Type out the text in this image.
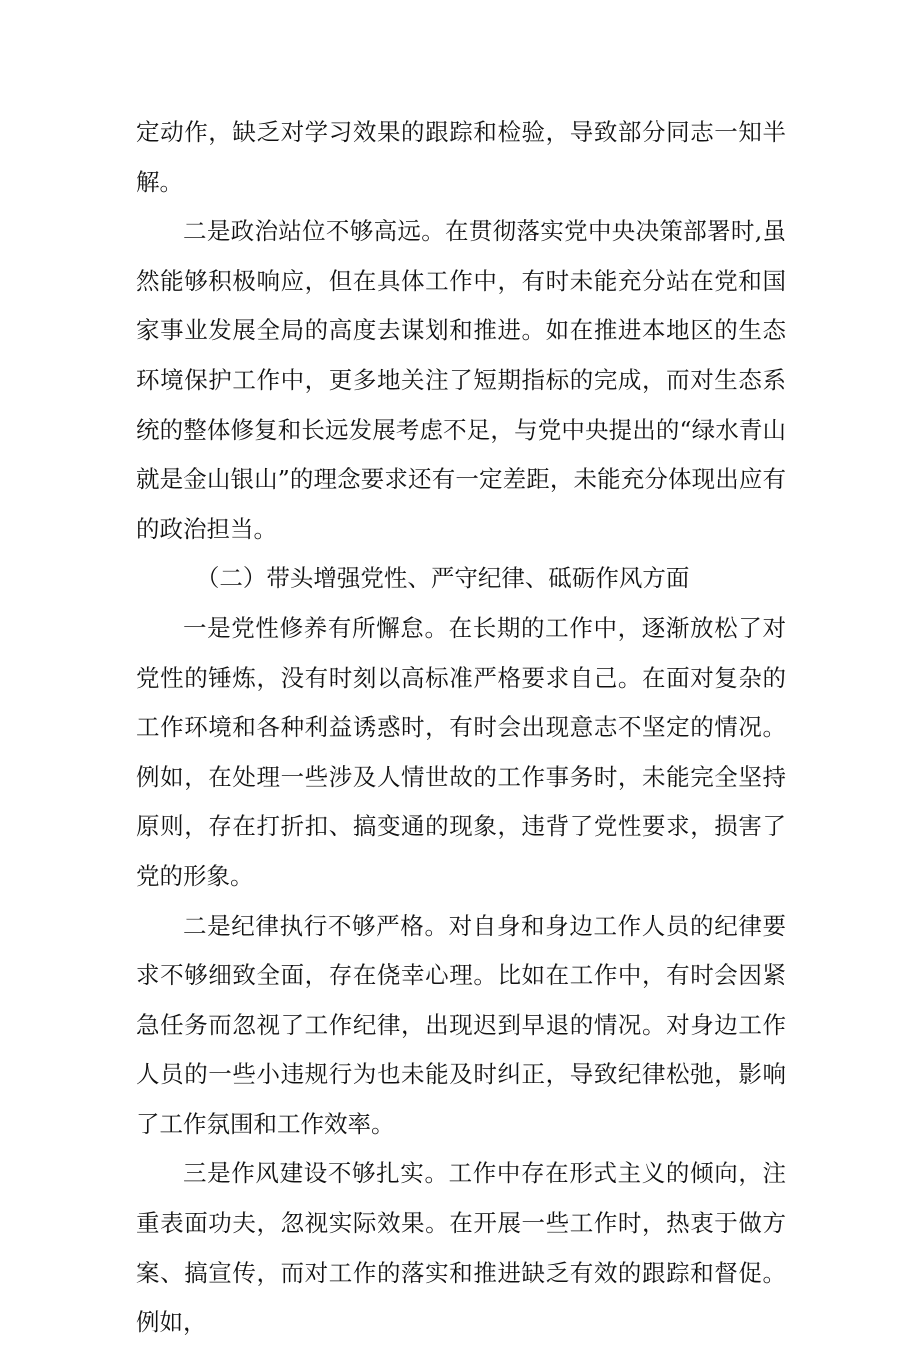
定动作，缺乏对学习效果的跟踪和检验，导致部分同志一知半解。

二是政治站位不够高远。在贯彻落实党中央决策部署时,虽然能够积极响应，但在具体工作中，有时未能充分站在党和国家事业发展全局的高度去谋划和推进。如在推进本地区的生态环境保护工作中，更多地关注了短期指标的完成，而对生态系统的整体修复和长远发展考虑不足，与党中央提出的“绿水青山就是金山银山”的理念要求还有一定差距，未能充分体现出应有的政治担当。

（二）带头增强党性、严守纪律、砥砺作风方面

一是党性修养有所懈怠。在长期的工作中，逐渐放松了对党性的锤炼，没有时刻以高标准严格要求自己。在面对复杂的工作环境和各种利益诱惑时，有时会出现意志不坚定的情况。例如，在处理一些涉及人情世故的工作事务时，未能完全坚持原则，存在打折扣、搞变通的现象，违背了党性要求，损害了党的形象。

二是纪律执行不够严格。对自身和身边工作人员的纪律要求不够细致全面，存在侥幸心理。比如在工作中，有时会因紧急任务而忽视了工作纪律，出现迟到早退的情况。对身边工作人员的一些小违规行为也未能及时纠正，导致纪律松弛，影响了工作氛围和工作效率。

三是作风建设不够扎实。工作中存在形式主义的倾向，注重表面功夫，忽视实际效果。在开展一些工作时，热衷于做方案、搞宣传，而对工作的落实和推进缺乏有效的跟踪和督促。例如，
